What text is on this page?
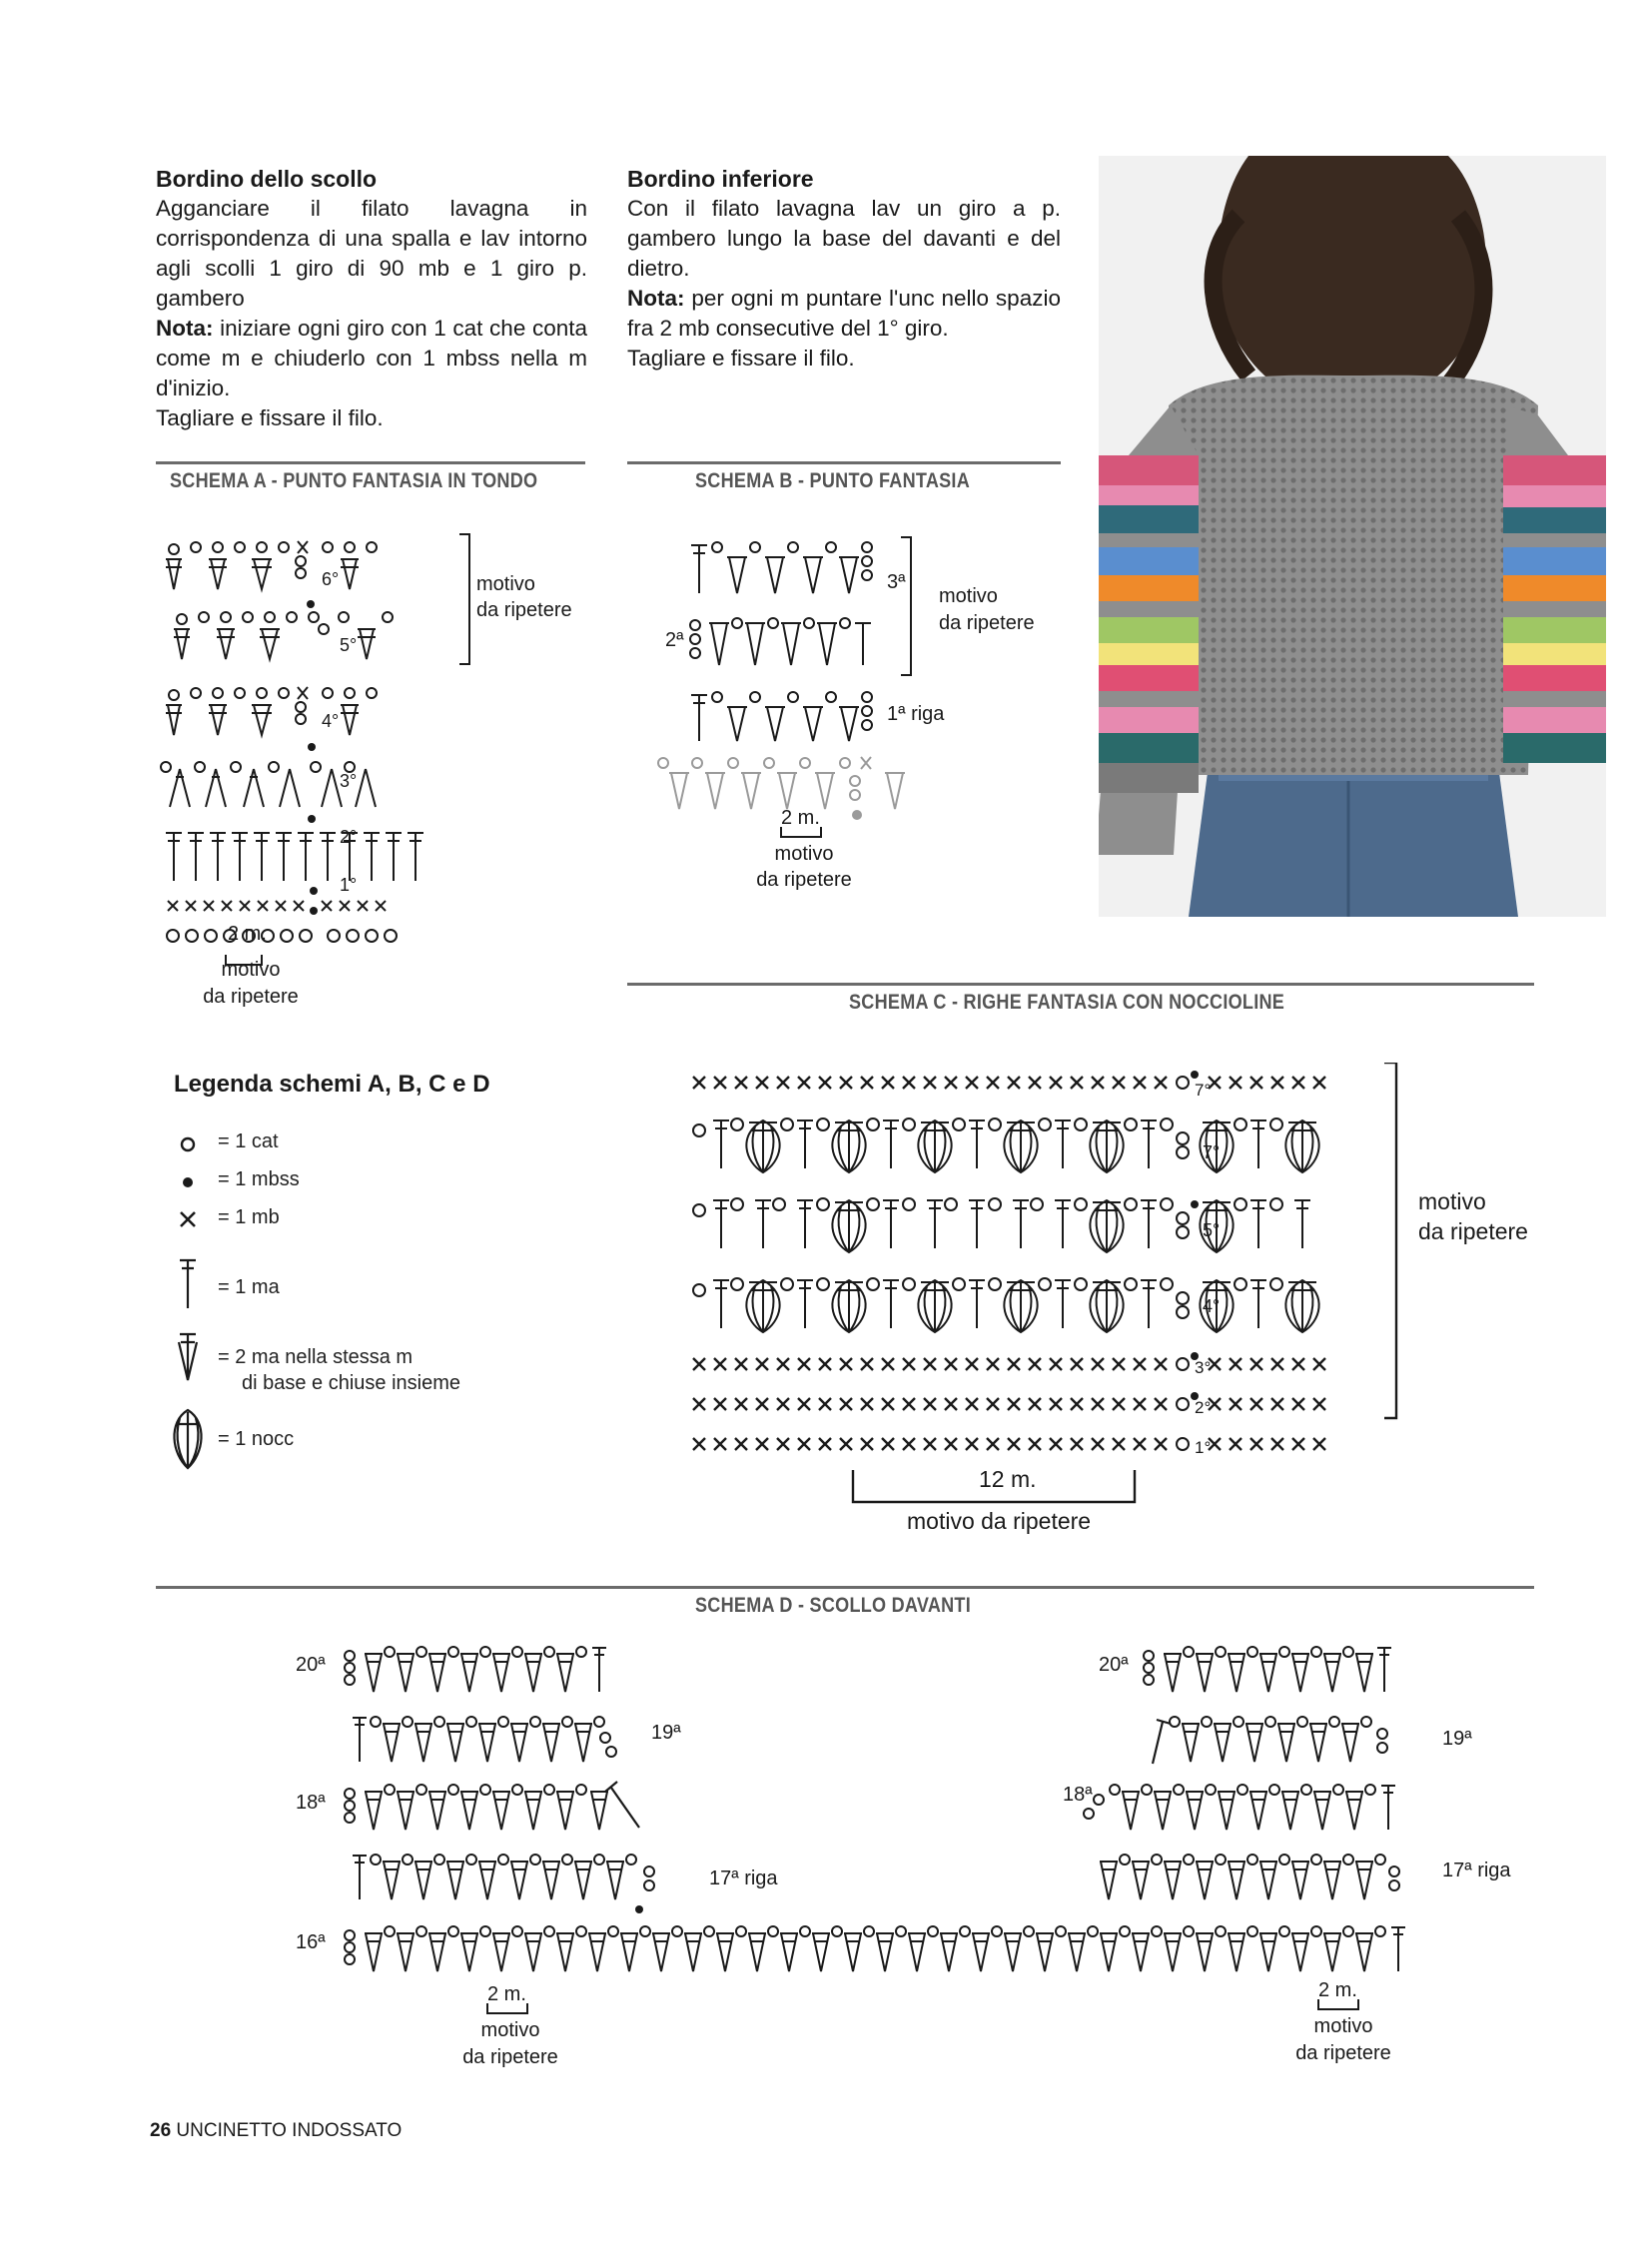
Bordino dello scollo

Agganciare il filato lavagna in corrispondenza di una spalla e lav intorno agli scolli 1 giro di 90 mb e 1 giro p. gambero
Nota: iniziare ogni giro con 1 cat che conta come m e chiuderlo con 1 mbss nella m d'inizio.
Tagliare e fissare il filo.

Bordino inferiore

Con il filato lavagna lav un giro a p. gambero lungo la base del davanti e del dietro.
Nota: per ogni m puntare l'unc nello spazio fra 2 mb consecutive del 1° giro.
Tagliare e fissare il filo.

SCHEMA A - PUNTO FANTASIA IN TONDO
6°
5°
4°
3°
2°
1°
motivo
da ripetere
2 m.
motivo
da ripetere
SCHEMA B - PUNTO FANTASIA
3ª
2ª
1ª riga
motivo
da ripetere
2 m.
motivo
da ripetere
SCHEMA C - RIGHE FANTASIA CON NOCCIOLINE
7°
7°
5°
4°
3°
2°
1°
motivo
da ripetere
12 m.
motivo da ripetere
Legenda schemi A, B, C e D
= 1 cat
= 1 mbss
= 1 mb
= 1 ma
= 2 ma nella stessa m
di base e chiuse insieme
= 1 nocc
SCHEMA D - SCOLLO DAVANTI
20ª
19ª
18ª
17ª riga
16ª
20ª
19ª
18ª
17ª riga
2 m.	2 m.
motivo
da ripetere
motivo
da ripetere
26 UNCINETTO INDOSSATO
